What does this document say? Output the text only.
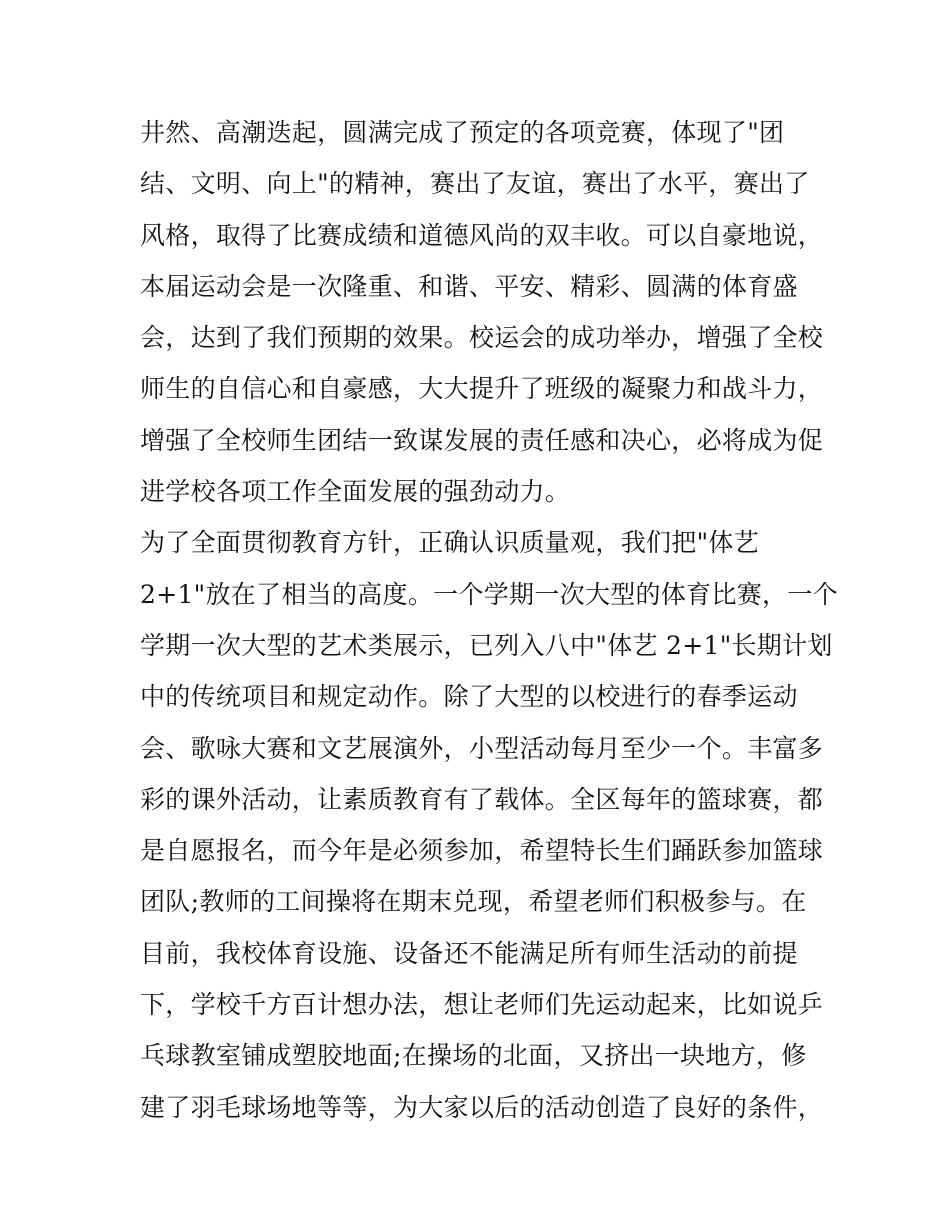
井然、高潮迭起，圆满完成了预定的各项竞赛，体现了"团
结、文明、向上"的精神，赛出了友谊，赛出了水平，赛出了
风格，取得了比赛成绩和道德风尚的双丰收。可以自豪地说，
本届运动会是一次隆重、和谐、平安、精彩、圆满的体育盛
会，达到了我们预期的效果。校运会的成功举办，增强了全校
师生的自信心和自豪感，大大提升了班级的凝聚力和战斗力，
增强了全校师生团结一致谋发展的责任感和决心，必将成为促
进学校各项工作全面发展的强劲动力。
为了全面贯彻教育方针，正确认识质量观，我们把"体艺
2+1"放在了相当的高度。一个学期一次大型的体育比赛，一个
学期一次大型的艺术类展示，已列入八中"体艺 2+1"长期计划
中的传统项目和规定动作。除了大型的以校进行的春季运动
会、歌咏大赛和文艺展演外，小型活动每月至少一个。丰富多
彩的课外活动，让素质教育有了载体。全区每年的篮球赛，都
是自愿报名，而今年是必须参加，希望特长生们踊跃参加篮球
团队;教师的工间操将在期末兑现，希望老师们积极参与。在
目前，我校体育设施、设备还不能满足所有师生活动的前提
下，学校千方百计想办法，想让老师们先运动起来，比如说乒
乓球教室铺成塑胶地面;在操场的北面，又挤出一块地方，修
建了羽毛球场地等等，为大家以后的活动创造了良好的条件，
